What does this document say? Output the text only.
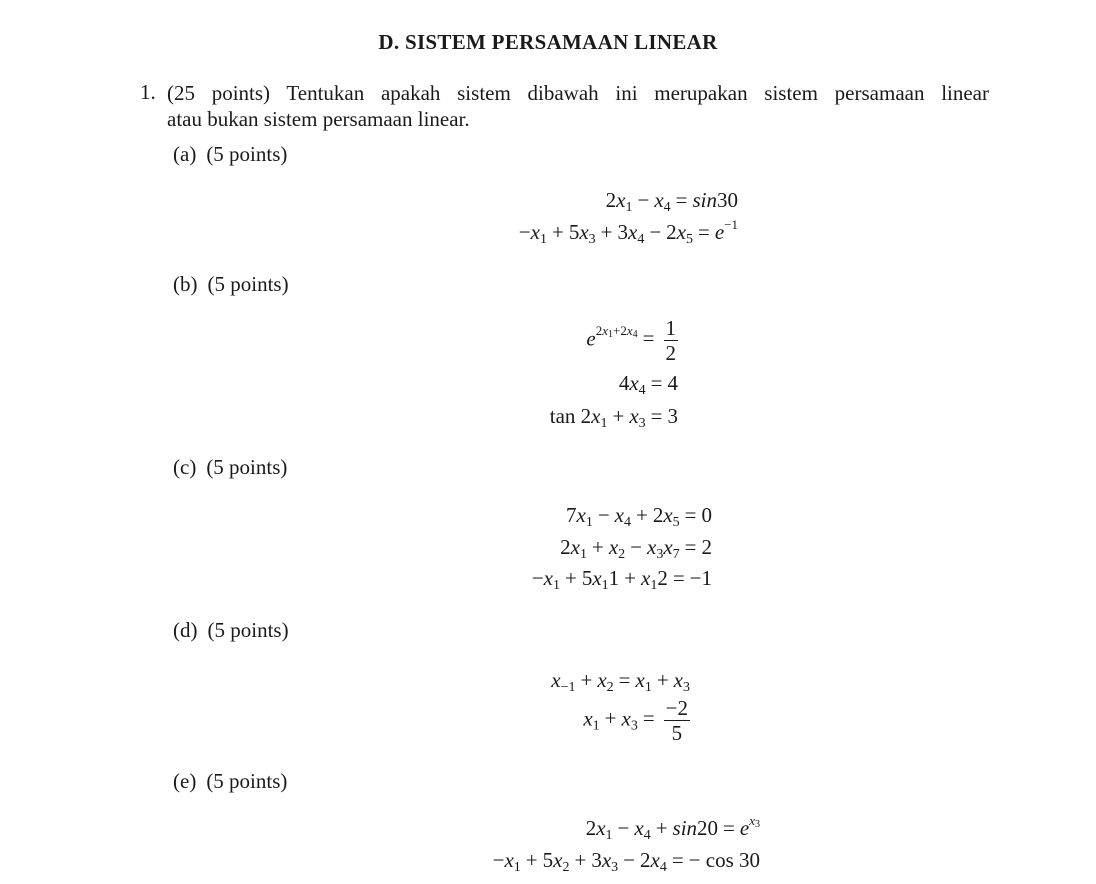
D. SISTEM PERSAMAAN LINEAR
1. (25 points) Tentukan apakah sistem dibawah ini merupakan sistem persamaan linear
atau bukan sistem persamaan linear.
(a) (5 points)
$2x_1 - x_4 = \sin 30$
$-x_1 + 5x_3 + 3x_4 - 2x_5 = e^{-1}$
(b) (5 points)
$e^{2x_1+2x_4} = \frac{1}{2}$
$4x_4 = 4$
$\tan 2x_1 + x_3 = 3$
(c) (5 points)
$7x_1 - x_4 + 2x_5 = 0$
$2x_1 + x_2 - x_3x_7 = 2$
$-x_1 + 5x_11 + x_12 = -1$
(d) (5 points)
$x_{-1} + x_2 = x_1 + x_3$
$x_1 + x_3 = \frac{-2}{5}$
(e) (5 points)
$2x_1 - x_4 + \sin 20 = e^{x_3}$
$-x_1 + 5x_2 + 3x_3 - 2x_4$ = − cos 30
